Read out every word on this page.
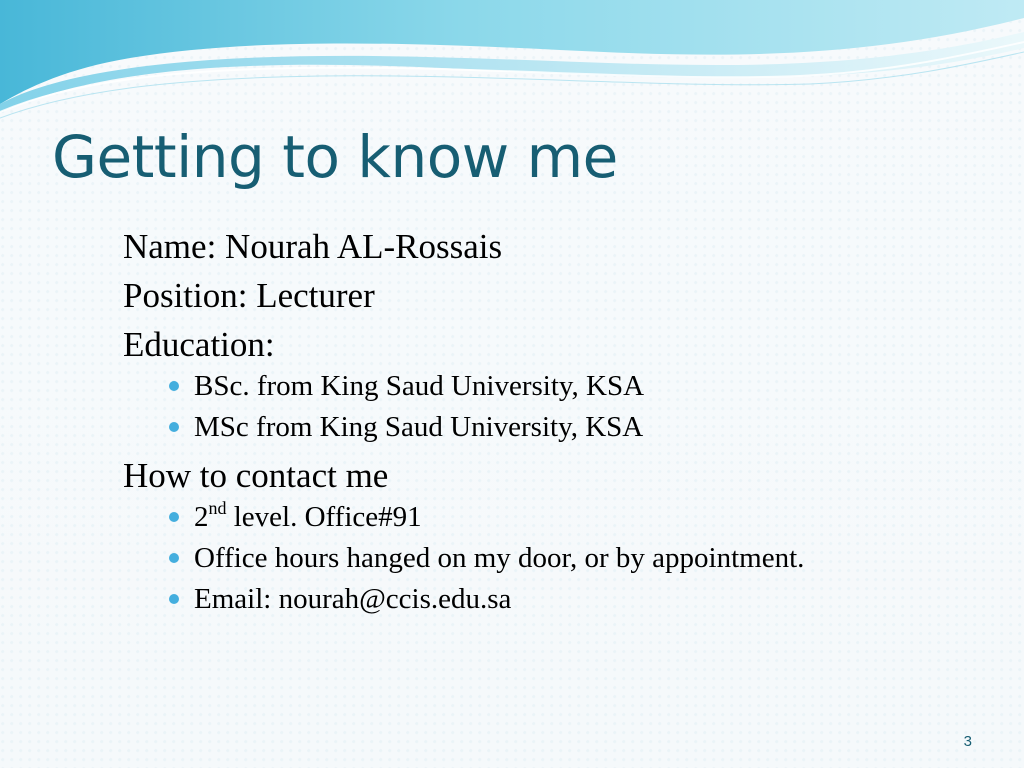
Getting to know me

Name: Nourah AL-Rossais

Position: Lecturer

Education:

BSc. from King Saud University, KSA
MSc from King Saud University, KSA

How to contact me

2nd level. Office#91
Office hours hanged on my door, or by appointment.
Email: nourah@ccis.edu.sa
3
